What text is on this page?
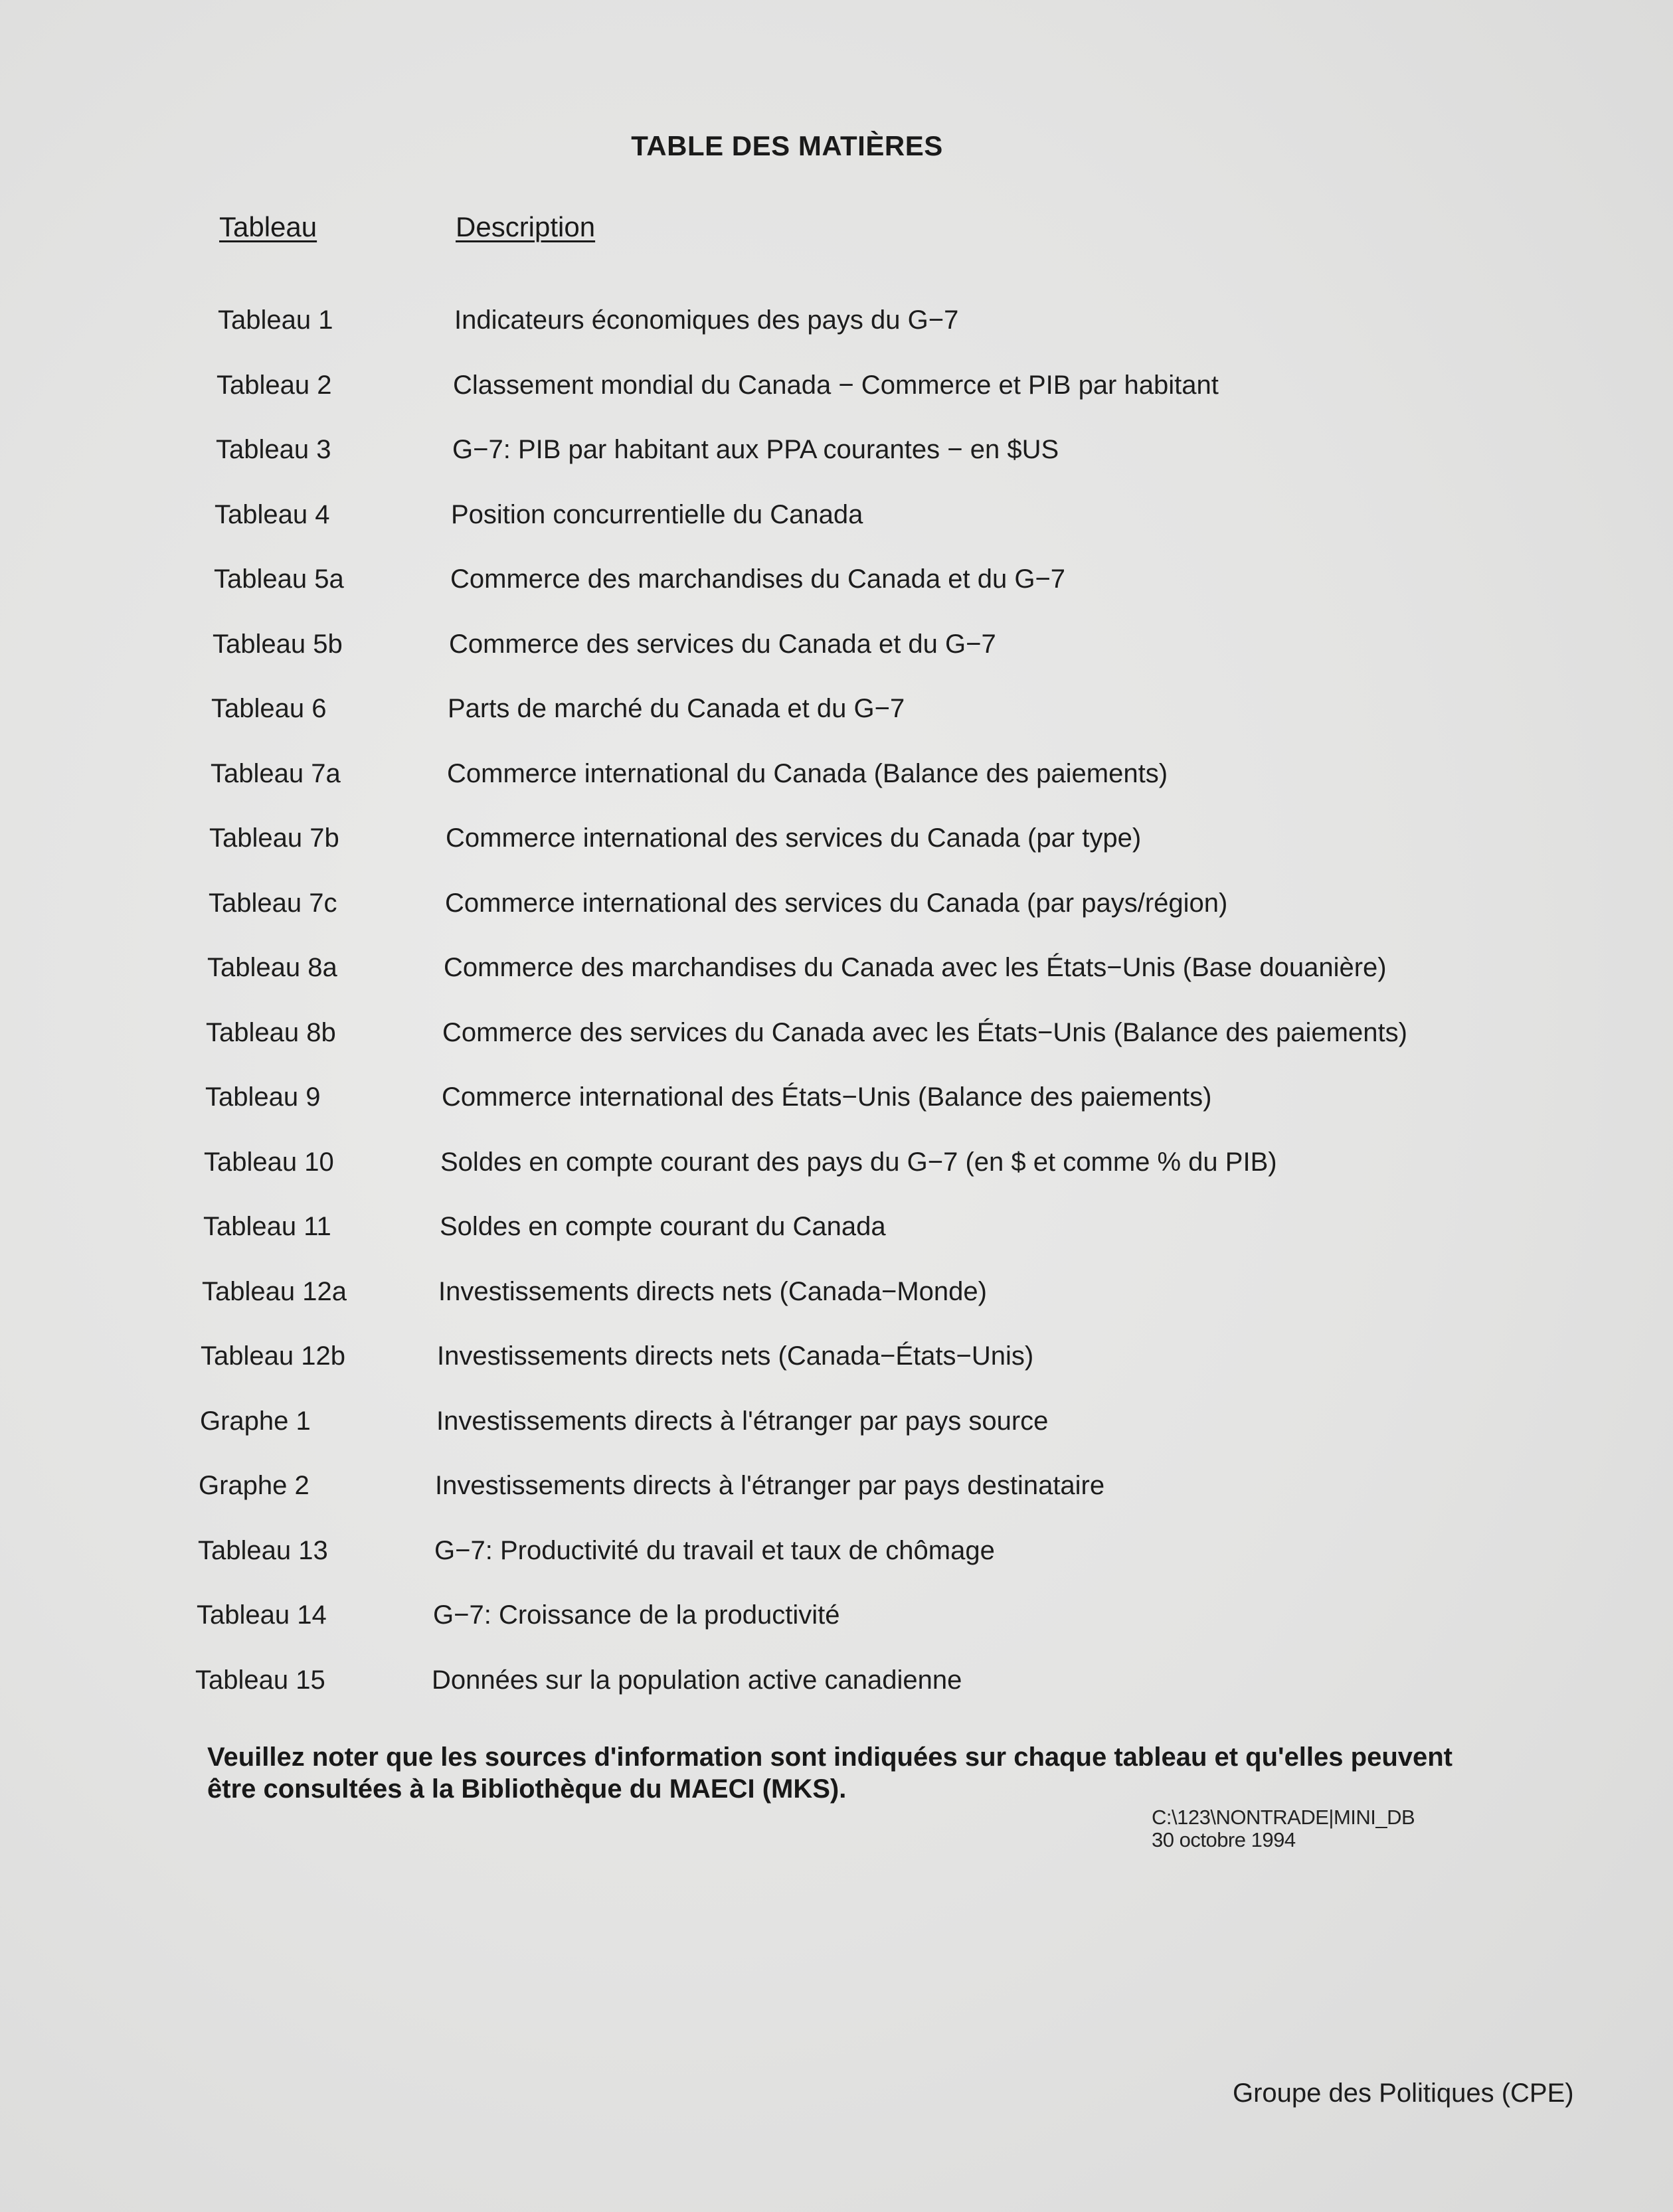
TABLE DES MATIÈRES
Tableau	Description
Tableau 1	Indicateurs économiques des pays du G−7
Tableau 2	Classement mondial du Canada − Commerce et PIB par habitant
Tableau 3	G−7: PIB par habitant aux PPA courantes − en $US
Tableau 4	Position concurrentielle du Canada
Tableau 5a	Commerce des marchandises du Canada et du G−7
Tableau 5b	Commerce des services du Canada et du G−7
Tableau 6	Parts de marché du Canada et du G−7
Tableau 7a	Commerce international du Canada (Balance des paiements)
Tableau 7b	Commerce international des services du Canada (par type)
Tableau 7c	Commerce international des services du Canada (par pays/région)
Tableau 8a	Commerce des marchandises du Canada avec les États−Unis (Base douanière)
Tableau 8b	Commerce des services du Canada avec les États−Unis (Balance des paiements)
Tableau 9	Commerce international des États−Unis (Balance des paiements)
Tableau 10	Soldes en compte courant des pays du G−7 (en $ et comme % du PIB)
Tableau 11	Soldes en compte courant du Canada
Tableau 12a	Investissements directs nets (Canada−Monde)
Tableau 12b	Investissements directs nets (Canada−États−Unis)
Graphe 1	Investissements directs à l'étranger par pays source
Graphe 2	Investissements directs à l'étranger par pays destinataire
Tableau 13	G−7: Productivité du travail et taux de chômage
Tableau 14	G−7: Croissance de la productivité
Tableau 15	Données sur la population active canadienne
Veuillez noter que les sources d'information sont indiquées sur chaque tableau et qu'elles peuvent être consultées à la Bibliothèque du MAECI (MKS).
C:\123\NONTRADE|MINI_DB
30 octobre 1994
Groupe des Politiques (CPE)
